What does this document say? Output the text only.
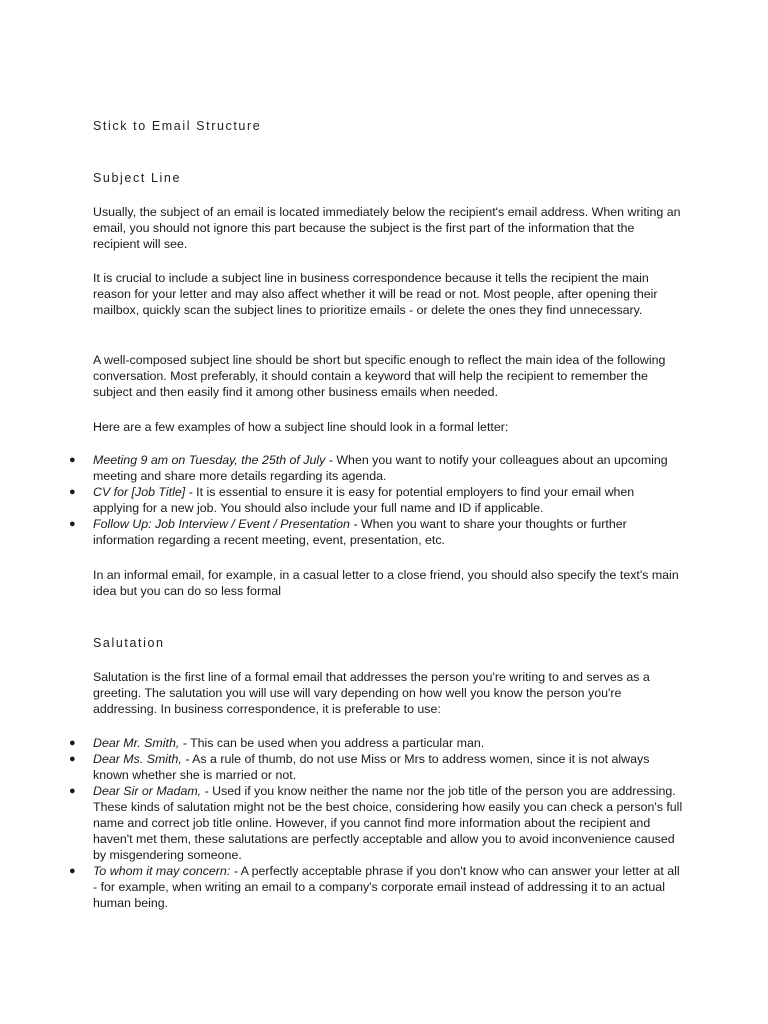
Stick to Email Structure
Subject Line
Usually, the subject of an email is located immediately below the recipient's email address. When writing an email, you should not ignore this part because the subject is the first part of the information that the recipient will see.
It is crucial to include a subject line in business correspondence because it tells the recipient the main reason for your letter and may also affect whether it will be read or not. Most people, after opening their mailbox, quickly scan the subject lines to prioritize emails - or delete the ones they find unnecessary.
A well-composed subject line should be short but specific enough to reflect the main idea of the following conversation. Most preferably, it should contain a keyword that will help the recipient to remember the subject and then easily find it among other business emails when needed.
Here are a few examples of how a subject line should look in a formal letter:
● Meeting 9 am on Tuesday, the 25th of July - When you want to notify your colleagues about an upcoming meeting and share more details regarding its agenda.
● CV for [Job Title] - It is essential to ensure it is easy for potential employers to find your email when applying for a new job. You should also include your full name and ID if applicable.
● Follow Up: Job Interview / Event / Presentation - When you want to share your thoughts or further information regarding a recent meeting, event, presentation, etc.
In an informal email, for example, in a casual letter to a close friend, you should also specify the text's main idea but you can do so less formal
Salutation
Salutation is the first line of a formal email that addresses the person you're writing to and serves as a greeting. The salutation you will use will vary depending on how well you know the person you're addressing. In business correspondence, it is preferable to use:
● Dear Mr. Smith, - This can be used when you address a particular man.
● Dear Ms. Smith, - As a rule of thumb, do not use Miss or Mrs to address women, since it is not always known whether she is married or not.
● Dear Sir or Madam, - Used if you know neither the name nor the job title of the person you are addressing. These kinds of salutation might not be the best choice, considering how easily you can check a person's full name and correct job title online. However, if you cannot find more information about the recipient and haven't met them, these salutations are perfectly acceptable and allow you to avoid inconvenience caused by misgendering someone.
● To whom it may concern: - A perfectly acceptable phrase if you don't know who can answer your letter at all - for example, when writing an email to a company's corporate email instead of addressing it to an actual human being.
